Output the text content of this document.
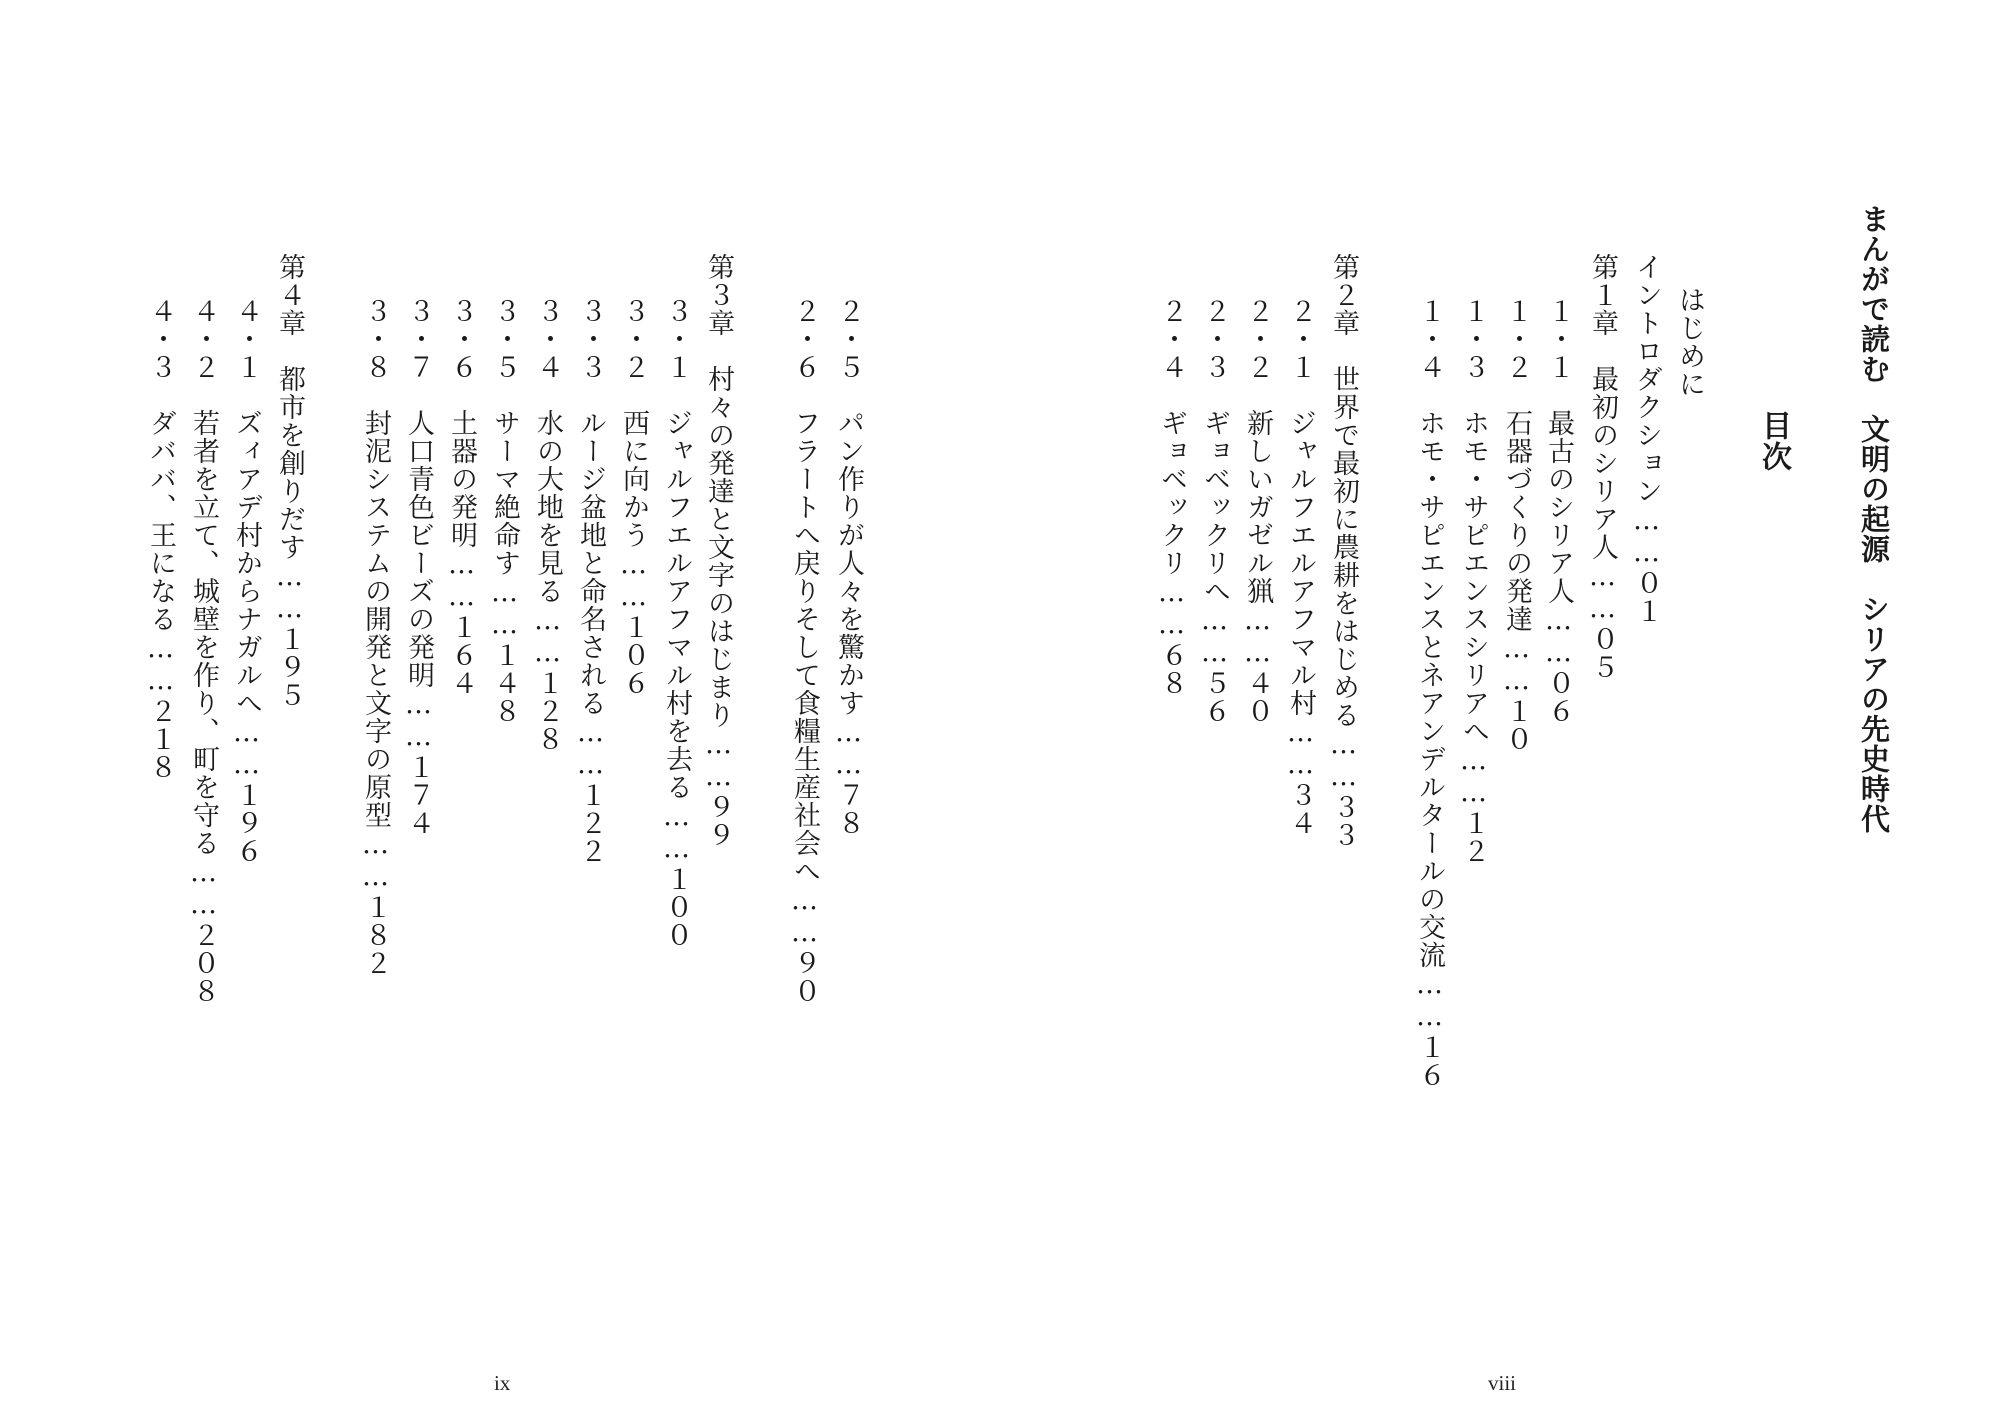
まんがで読む　文明の起源　シリアの先史時代
目次
はじめに
イントロダクション……０１
第１章　最初のシリア人……０５
１・１　最古のシリア人……０６
１・２　石器づくりの発達……１０
１・３　ホモ・サピエンスシリアへ……１２
１・４　ホモ・サピエンスとネアンデルタールの交流……１６
第２章　世界で最初に農耕をはじめる……３３
２・１　ジャルフエルアフマル村……３４
２・２　新しいガゼル猟……４０
２・３　ギョベックリへ……５６
２・４　ギョベックリ……６８
viii
２・５　パン作りが人々を驚かす……７８
２・６　フラートへ戻りそして食糧生産社会へ……９０
第３章　村々の発達と文字のはじまり……９９
３・１　ジャルフエルアフマル村を去る……１００
３・２　西に向かう……１０６
３・３　ルージ盆地と命名される……１２２
３・４　水の大地を見る……１２８
３・５　サーマ絶命す……１４８
３・６　土器の発明……１６４
３・７　人口青色ビーズの発明……１７４
３・８　封泥システムの開発と文字の原型……１８２
第４章　都市を創りだす……１９５
４・１　ズィアデ村からナガルへ……１９６
４・２　若者を立て、城壁を作り、町を守る……２０８
４・３　ダババ、王になる……２１８
ix
